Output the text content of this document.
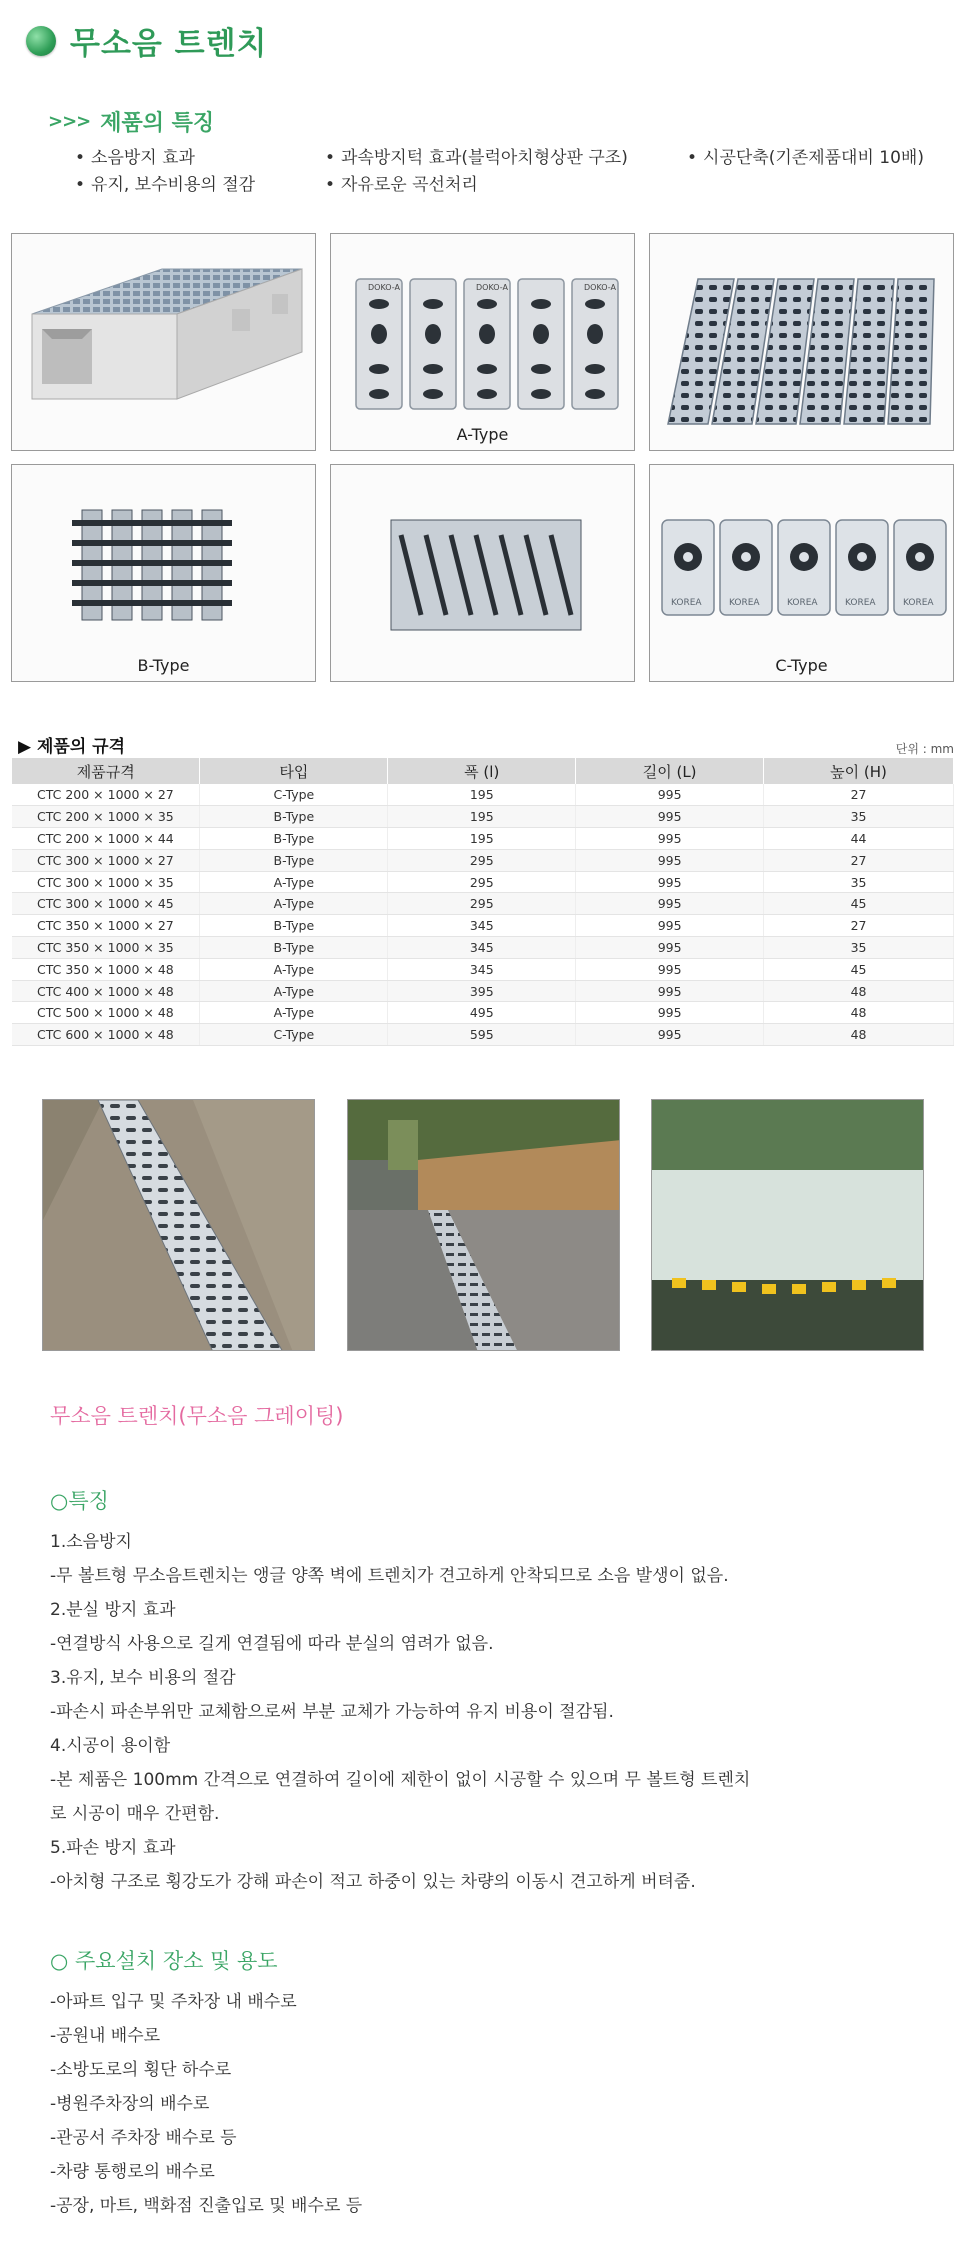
무소음 트렌치
>>> 제품의 특징
• 소음방지 효과	• 과속방지턱 효과(블럭아치형상판 구조)	• 시공단축(기존제품대비 10배)
• 유지, 보수비용의 절감	• 자유로운 곡선처리
DOKO-A	DOKO-A	DOKO-A
A-Type
B-Type
KOREA	KOREA	KOREA	KOREA	KOREA
C-Type
▶ 제품의 규격	단위 : mm
제품규격	타입	폭 (l)	길이 (L)	높이 (H)
CTC 200 × 1000 × 27	C-Type	195	995	27
CTC 200 × 1000 × 35	B-Type	195	995	35
CTC 200 × 1000 × 44	B-Type	195	995	44
CTC 300 × 1000 × 27	B-Type	295	995	27
CTC 300 × 1000 × 35	A-Type	295	995	35
CTC 300 × 1000 × 45	A-Type	295	995	45
CTC 350 × 1000 × 27	B-Type	345	995	27
CTC 350 × 1000 × 35	B-Type	345	995	35
CTC 350 × 1000 × 48	A-Type	345	995	45
CTC 400 × 1000 × 48	A-Type	395	995	48
CTC 500 × 1000 × 48	A-Type	495	995	48
CTC 600 × 1000 × 48	C-Type	595	995	48
무소음 트렌치(무소음 그레이팅)
○특징
1.소음방지
-무 볼트형 무소음트렌치는 앵글 양쪽 벽에 트렌치가 견고하게 안착되므로 소음 발생이 없음.
2.분실 방지 효과
-연결방식 사용으로 길게 연결됨에 따라 분실의 염려가 없음.
3.유지, 보수 비용의 절감
-파손시 파손부위만 교체함으로써 부분 교체가 가능하여 유지 비용이 절감됨.
4.시공이 용이함
-본 제품은 100mm 간격으로 연결하여 길이에 제한이 없이 시공할 수 있으며 무 볼트형 트렌치
로 시공이 매우 간편함.
5.파손 방지 효과
-아치형 구조로 횡강도가 강해 파손이 적고 하중이 있는 차량의 이동시 견고하게 버텨줌.
○ 주요설치 장소 및 용도
-아파트 입구 및 주차장 내 배수로
-공원내 배수로
-소방도로의 횡단 하수로
-병원주차장의 배수로
-관공서 주차장 배수로 등
-차량 통행로의 배수로
-공장, 마트, 백화점 진출입로 및 배수로 등
